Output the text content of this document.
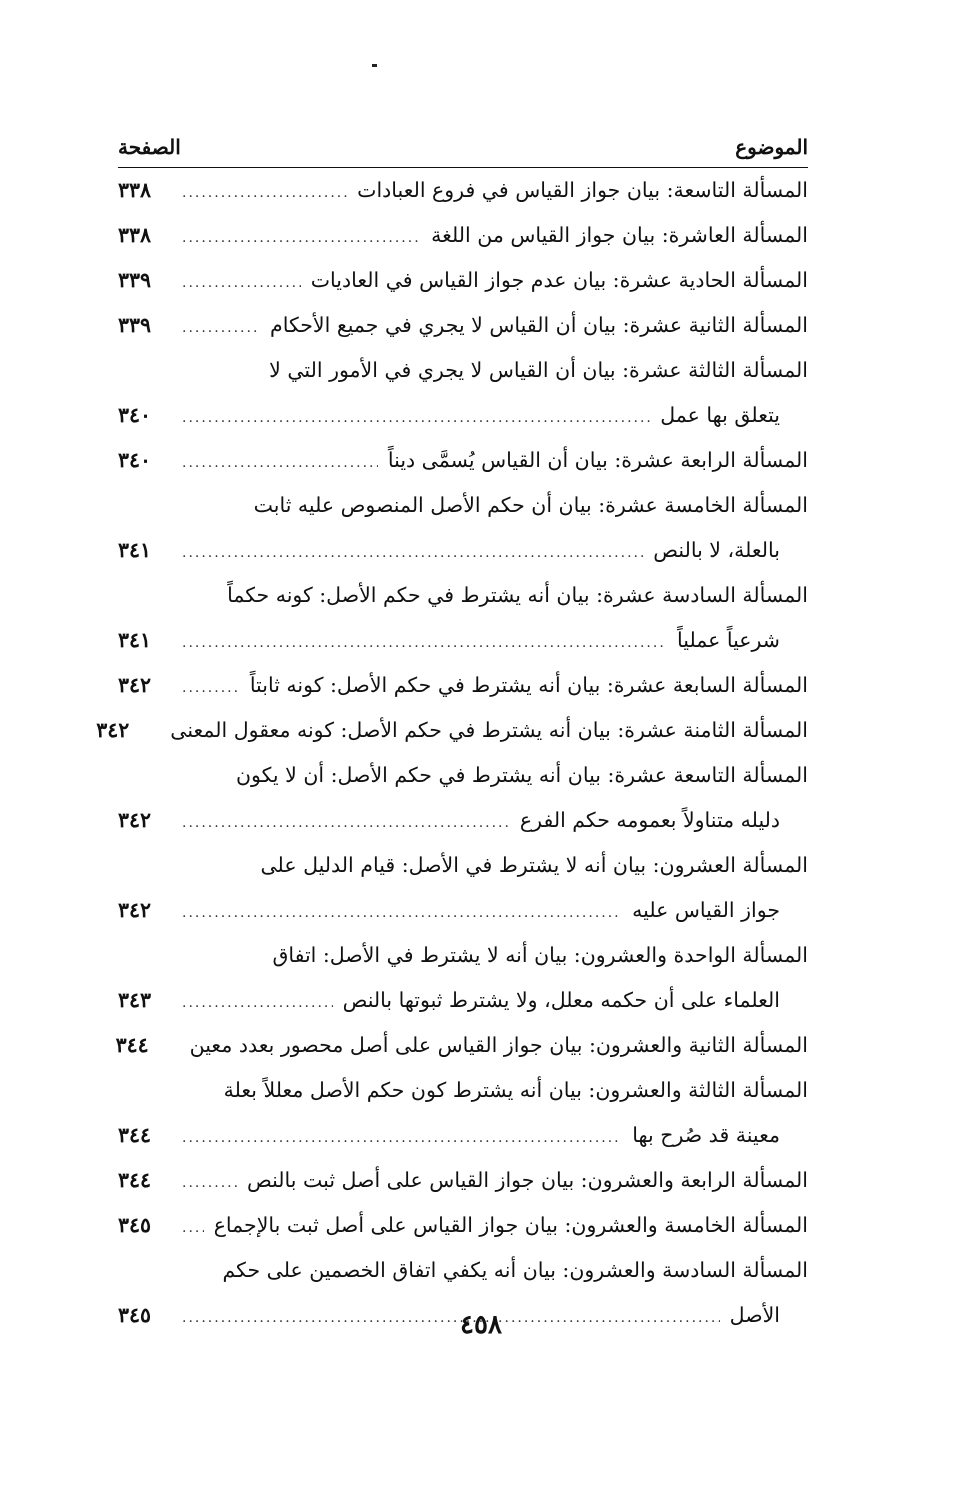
الموضوع
الصفحة
المسألة التاسعة: بيان جواز القياس في فروع العبادات
.....
٣٣٨
المسألة العاشرة: بيان جواز القياس من اللغة
.....
٣٣٨
المسألة الحادية عشرة: بيان عدم جواز القياس في العاديات
.....
٣٣٩
المسألة الثانية عشرة: بيان أن القياس لا يجري في جميع الأحكام
.....
٣٣٩
المسألة الثالثة عشرة: بيان أن القياس لا يجري في الأمور التي لا
يتعلق بها عمل
.....
٣٤٠
المسألة الرابعة عشرة: بيان أن القياس يُسمَّى ديناً
.....
٣٤٠
المسألة الخامسة عشرة: بيان أن حكم الأصل المنصوص عليه ثابت
بالعلة، لا بالنص
.....
٣٤١
المسألة السادسة عشرة: بيان أنه يشترط في حكم الأصل: كونه حكماً
شرعياً عملياً
.....
٣٤١
المسألة السابعة عشرة: بيان أنه يشترط في حكم الأصل: كونه ثابتاً
.....
٣٤٢
المسألة الثامنة عشرة: بيان أنه يشترط في حكم الأصل: كونه معقول المعنى
٣٤٢
المسألة التاسعة عشرة: بيان أنه يشترط في حكم الأصل: أن لا يكون
دليله متناولاً بعمومه حكم الفرع
.....
٣٤٢
المسألة العشرون: بيان أنه لا يشترط في الأصل: قيام الدليل على
جواز القياس عليه
.....
٣٤٢
المسألة الواحدة والعشرون: بيان أنه لا يشترط في الأصل: اتفاق
العلماء على أن حكمه معلل، ولا يشترط ثبوتها بالنص
.....
٣٤٣
المسألة الثانية والعشرون: بيان جواز القياس على أصل محصور بعدد معين
٣٤٤
المسألة الثالثة والعشرون: بيان أنه يشترط كون حكم الأصل معللاً بعلة
معينة قد صُرح بها
.....
٣٤٤
المسألة الرابعة والعشرون: بيان جواز القياس على أصل ثبت بالنص
.....
٣٤٤
المسألة الخامسة والعشرون: بيان جواز القياس على أصل ثبت بالإجماع
.....
٣٤٥
المسألة السادسة والعشرون: بيان أنه يكفي اتفاق الخصمين على حكم
الأصل
.....
٣٤٥	٤٥٨
